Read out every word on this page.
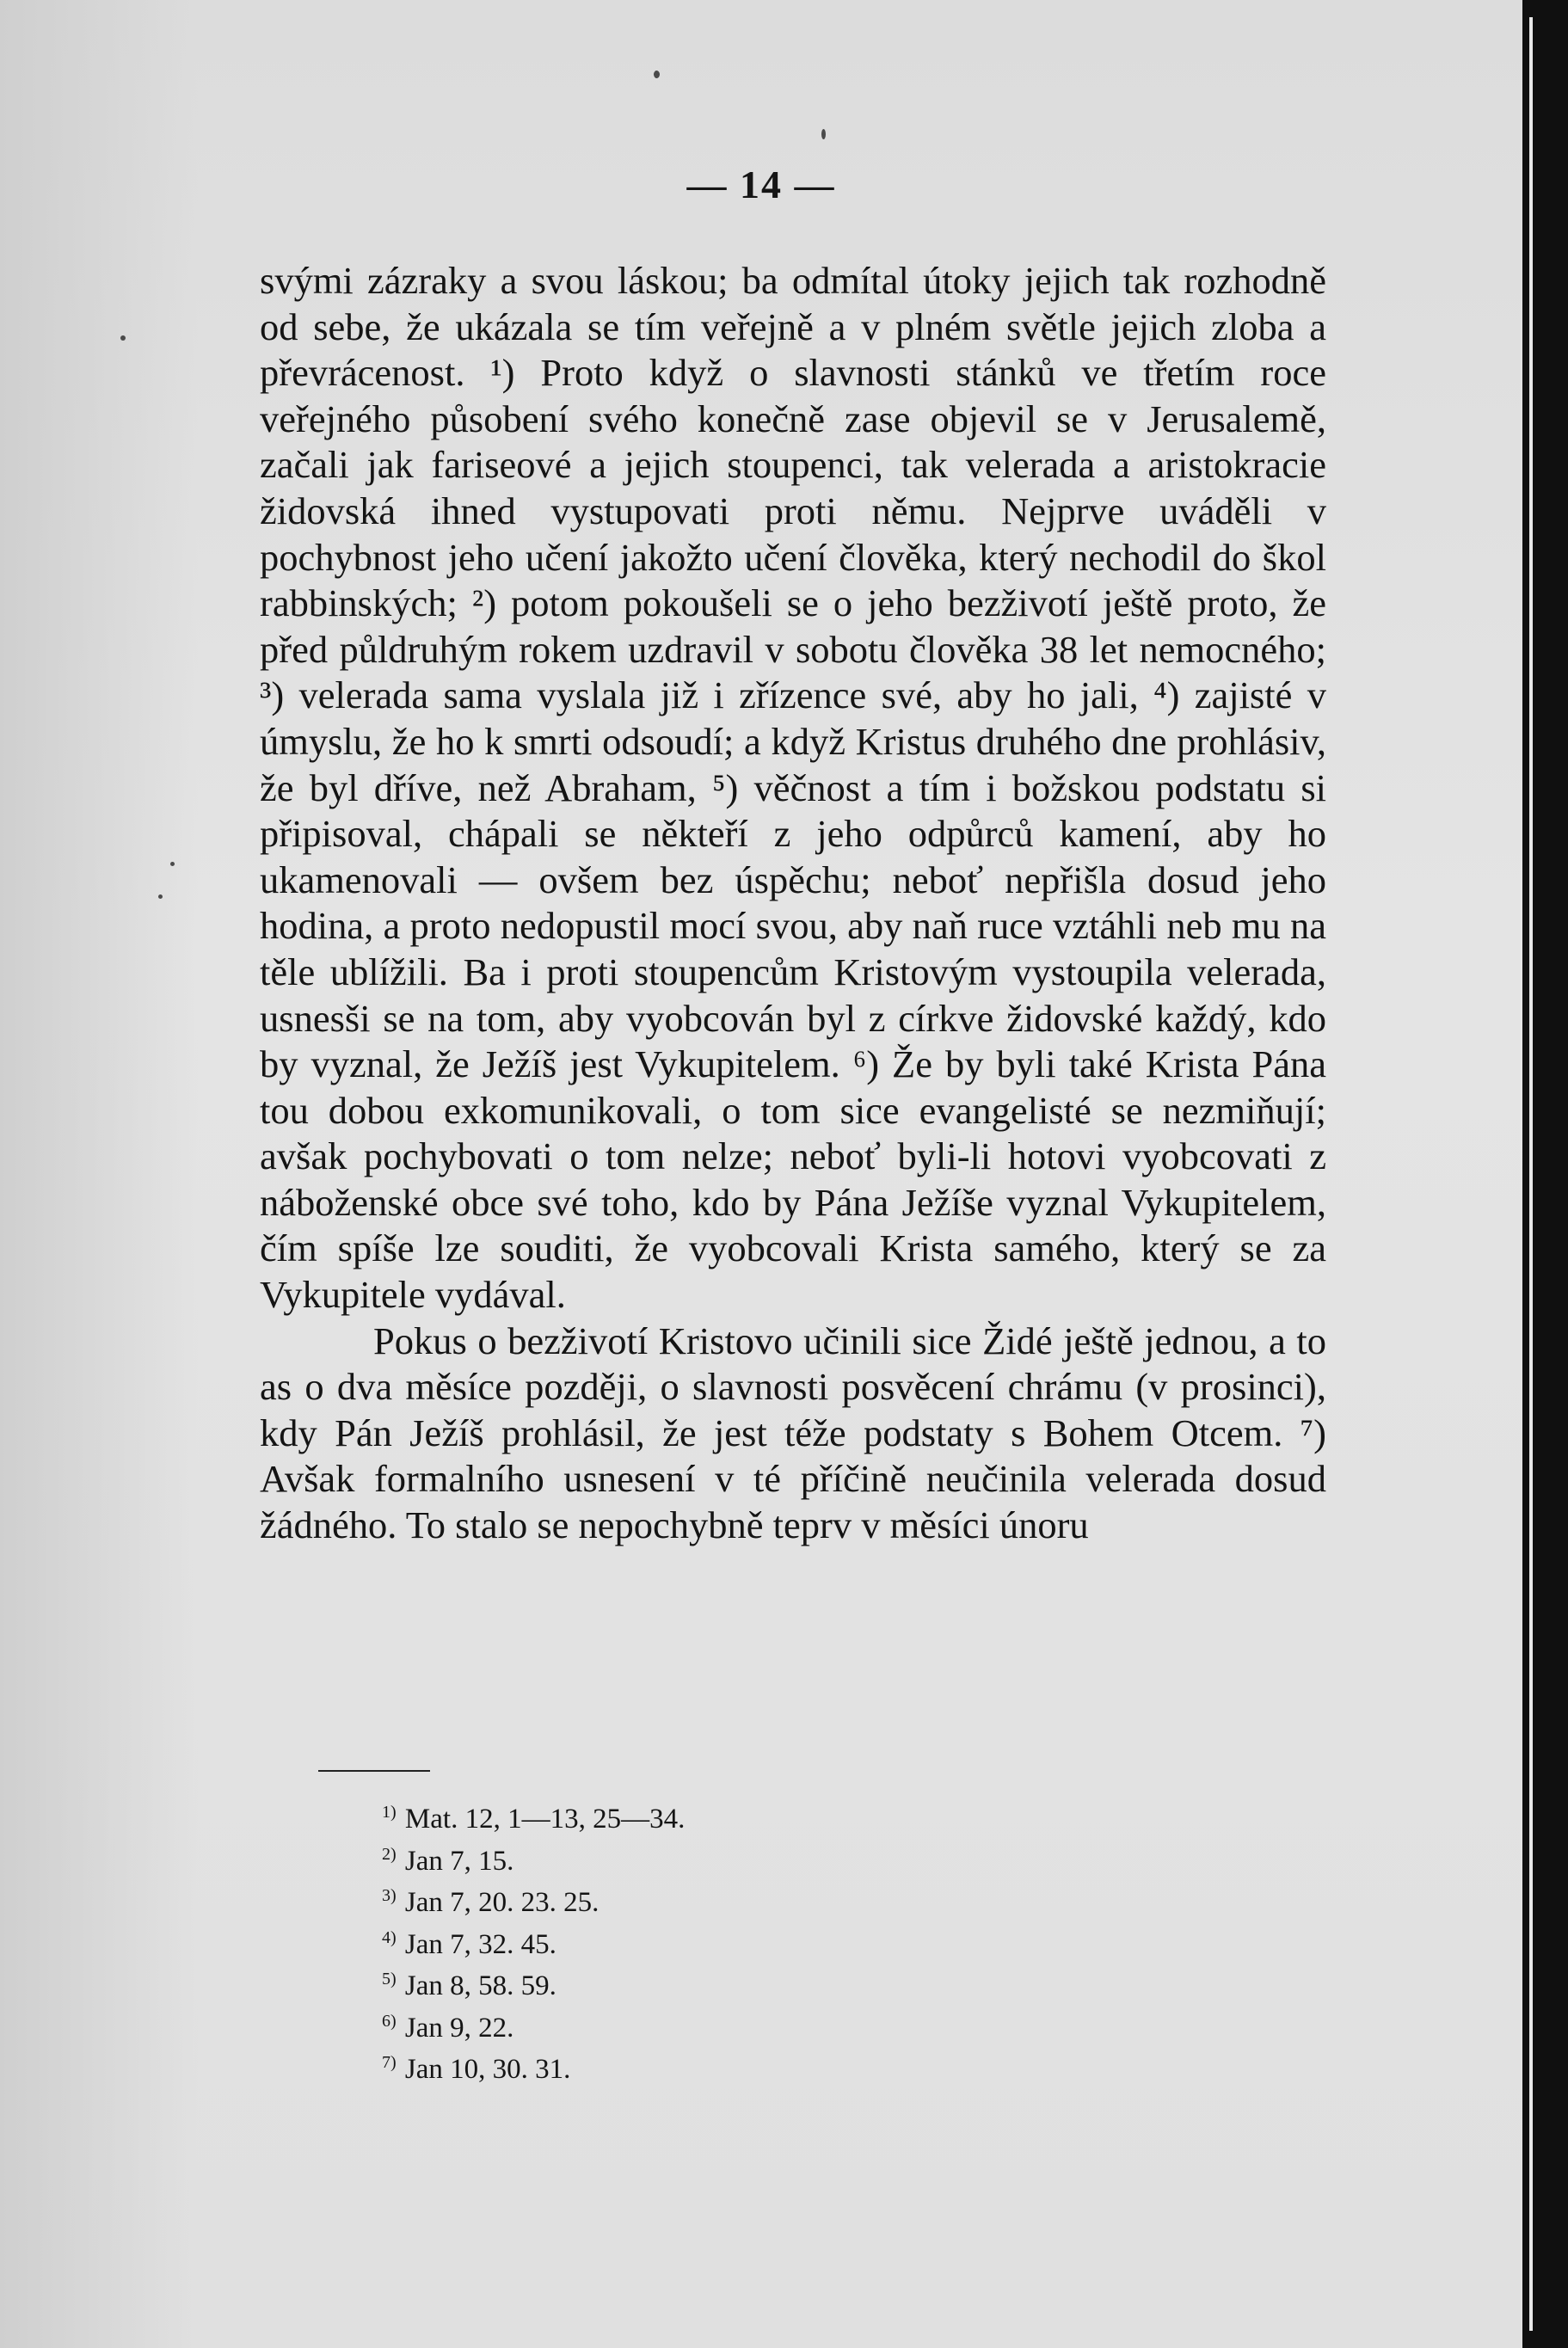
— 14 —

svými zázraky a svou láskou; ba odmítal útoky jejich tak rozhodně od sebe, že ukázala se tím veřejně a v plném světle jejich zloba a převrácenost. ¹) Proto když o slavnosti stánků ve třetím roce veřejného působení svého konečně zase objevil se v Jerusalemě, začali jak fariseové a jejich stoupenci, tak velerada a aristokracie židovská ihned vystupovati proti němu. Nejprve uváděli v pochybnost jeho učení jakožto učení člověka, který nechodil do škol rabbinských; ²) potom pokoušeli se o jeho bezživotí ještě proto, že před půldruhým rokem uzdravil v sobotu člověka 38 let nemocného; ³) velerada sama vyslala již i zřízence své, aby ho jali, ⁴) zajisté v úmyslu, že ho k smrti odsoudí; a když Kristus druhého dne prohlásiv, že byl dříve, než Abraham, ⁵) věčnost a tím i božskou podstatu si připisoval, chápali se někteří z jeho odpůrců kamení, aby ho ukamenovali — ovšem bez úspěchu; neboť nepřišla dosud jeho hodina, a proto nedopustil mocí svou, aby naň ruce vztáhli neb mu na těle ublížili. Ba i proti stoupencům Kristovým vystoupila velerada, usnesši se na tom, aby vyobcován byl z církve židovské každý, kdo by vyznal, že Ježíš jest Vykupitelem. ⁶) Že by byli také Krista Pána tou dobou exkomunikovali, o tom sice evangelisté se nezmiňují; avšak pochybovati o tom nelze; neboť byli-li hotovi vyobcovati z náboženské obce své toho, kdo by Pána Ježíše vyznal Vykupitelem, čím spíše lze souditi, že vyobcovali Krista samého, který se za Vykupitele vydával.

Pokus o bezživotí Kristovo učinili sice Židé ještě jednou, a to as o dva měsíce později, o slavnosti posvěcení chrámu (v prosinci), kdy Pán Ježíš prohlásil, že jest téže podstaty s Bohem Otcem. ⁷) Avšak formalního usnesení v té příčině neučinila velerada dosud žádného. To stalo se nepochybně teprv v měsíci únoru

$^{1)}$ Mat. 12, 1—13, 25—34.
$^{2)}$ Jan 7, 15.
$^{3)}$ Jan 7, 20. 23. 25.
$^{4)}$ Jan 7, 32. 45.
$^{5)}$ Jan 8, 58. 59.
$^{6)}$ Jan 9, 22.
$^{7)}$ Jan 10, 30. 31.
